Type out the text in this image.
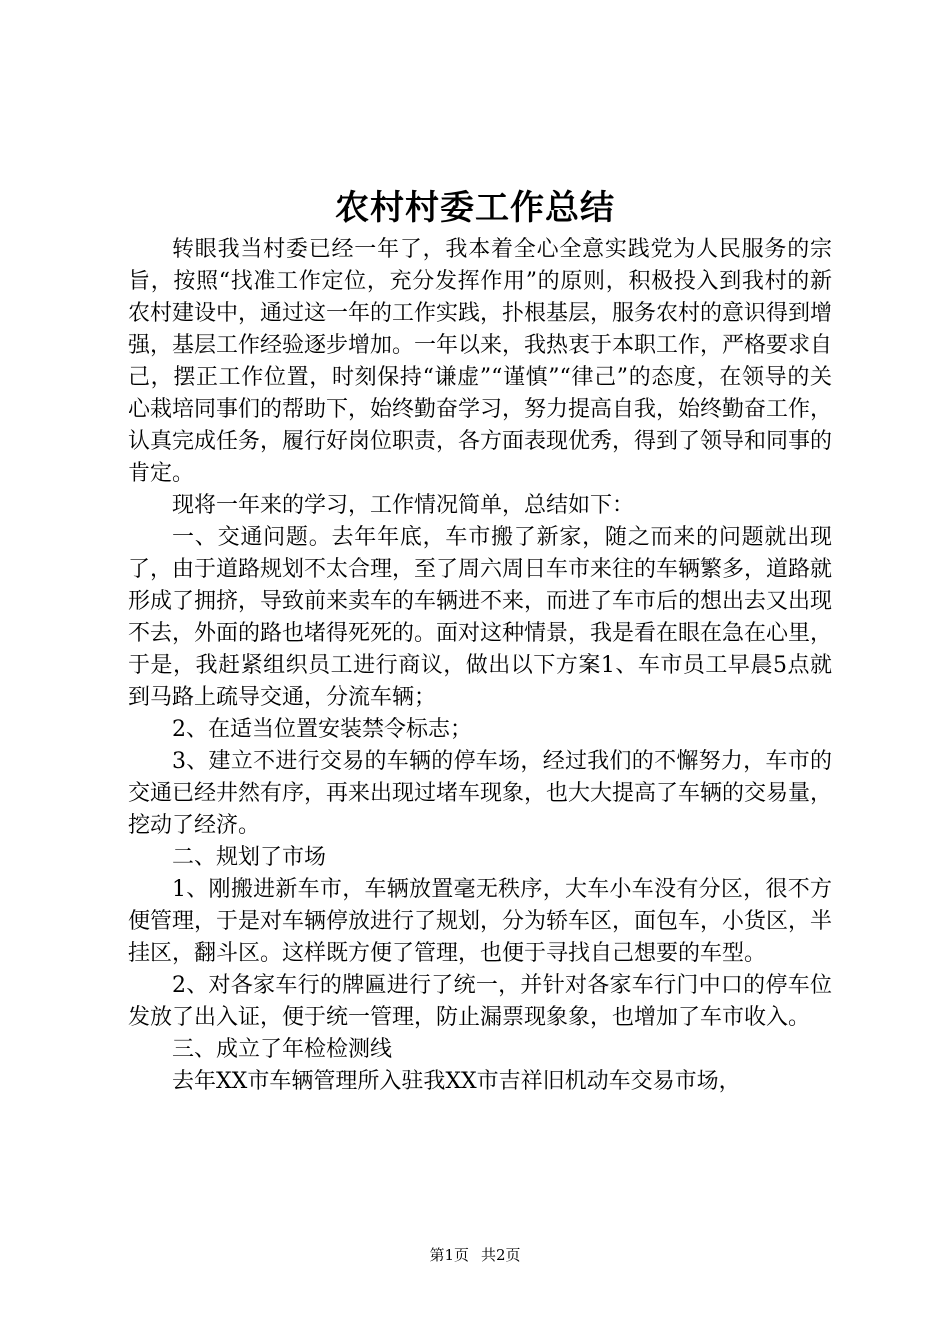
农村村委工作总结

转眼我当村委已经一年了，我本着全心全意实践党为人民服务的宗旨，按照“找准工作定位，充分发挥作用”的原则，积极投入到我村的新农村建设中，通过这一年的工作实践，扑根基层，服务农村的意识得到增强，基层工作经验逐步增加。一年以来，我热衷于本职工作，严格要求自己，摆正工作位置，时刻保持“谦虚”“谨慎”“律己”的态度，在领导的关心栽培同事们的帮助下，始终勤奋学习，努力提高自我，始终勤奋工作，认真完成任务，履行好岗位职责，各方面表现优秀，得到了领导和同事的肯定。

现将一年来的学习，工作情况简单，总结如下：

一、交通问题。去年年底，车市搬了新家，随之而来的问题就出现了，由于道路规划不太合理，至了周六周日车市来往的车辆繁多，道路就形成了拥挤，导致前来卖车的车辆进不来，而进了车市后的想出去又出现不去，外面的路也堵得死死的。面对这种情景，我是看在眼在急在心里，于是，我赶紧组织员工进行商议，做出以下方案1、车市员工早晨5点就到马路上疏导交通，分流车辆；

2、在适当位置安装禁令标志；

3、建立不进行交易的车辆的停车场，经过我们的不懈努力，车市的交通已经井然有序，再来出现过堵车现象，也大大提高了车辆的交易量，挖动了经济。

二、规划了市场

1、刚搬进新车市，车辆放置毫无秩序，大车小车没有分区，很不方便管理，于是对车辆停放进行了规划，分为轿车区，面包车，小货区，半挂区，翻斗区。这样既方便了管理，也便于寻找自己想要的车型。

2、对各家车行的牌匾进行了统一，并针对各家车行门中口的停车位发放了出入证，便于统一管理，防止漏票现象象，也增加了车市收入。

三、成立了年检检测线

去年XX市车辆管理所入驻我XX市吉祥旧机动车交易市场，

第1页 共2页
